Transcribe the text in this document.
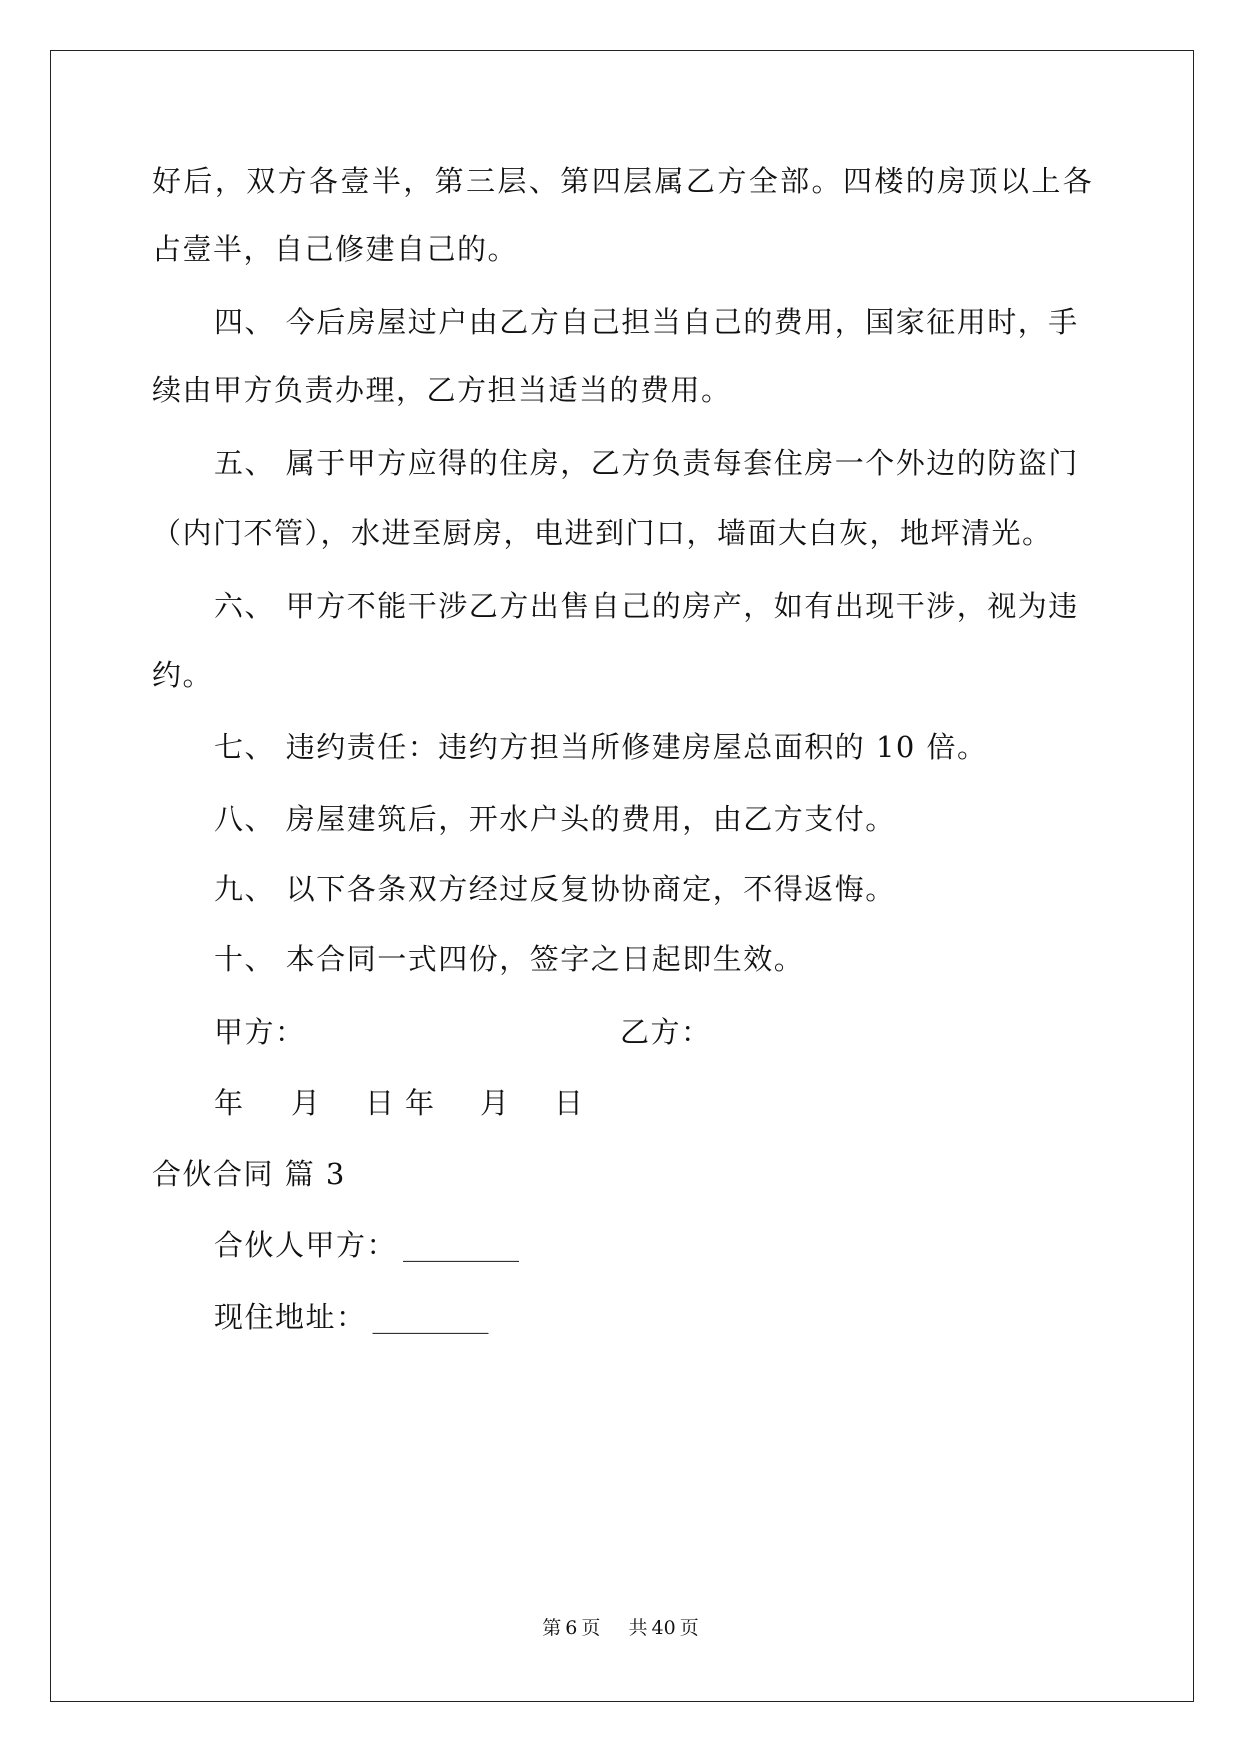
好 后 ， 双 方 各 壹 半 ， 第 三 层 、 第 四 层 属 乙 方 全 部 。 四 楼 的 房 顶 以 上 各
占壹半，自己修建自己的。
四、 今后房屋过户由乙方自己担当自己的费用，国家征用时，手
续由甲方负责办理，乙方担当适当的费用。
五、 属于甲方应得的住房，乙方负责每套住房一个外边的防盗门
（内门不管），水进至厨房，电进到门口，墙面大白灰，地坪清光。
六、 甲方不能干涉乙方出售自己的房产，如有出现干涉，视为违
约。
七、 违约责任：违约方担当所修建房屋总面积的 10 倍。
八、 房屋建筑后，开水户头的费用，由乙方支付。
九、 以下各条双方经过反复协协商定，不得返悔。
十、 本合同一式四份，签字之日起即生效。
甲方：	乙方：
年 月 日 年 月 日
合伙合同 篇 3
合伙人甲方： ________
现住地址： ________
第 6 页 共 40 页
